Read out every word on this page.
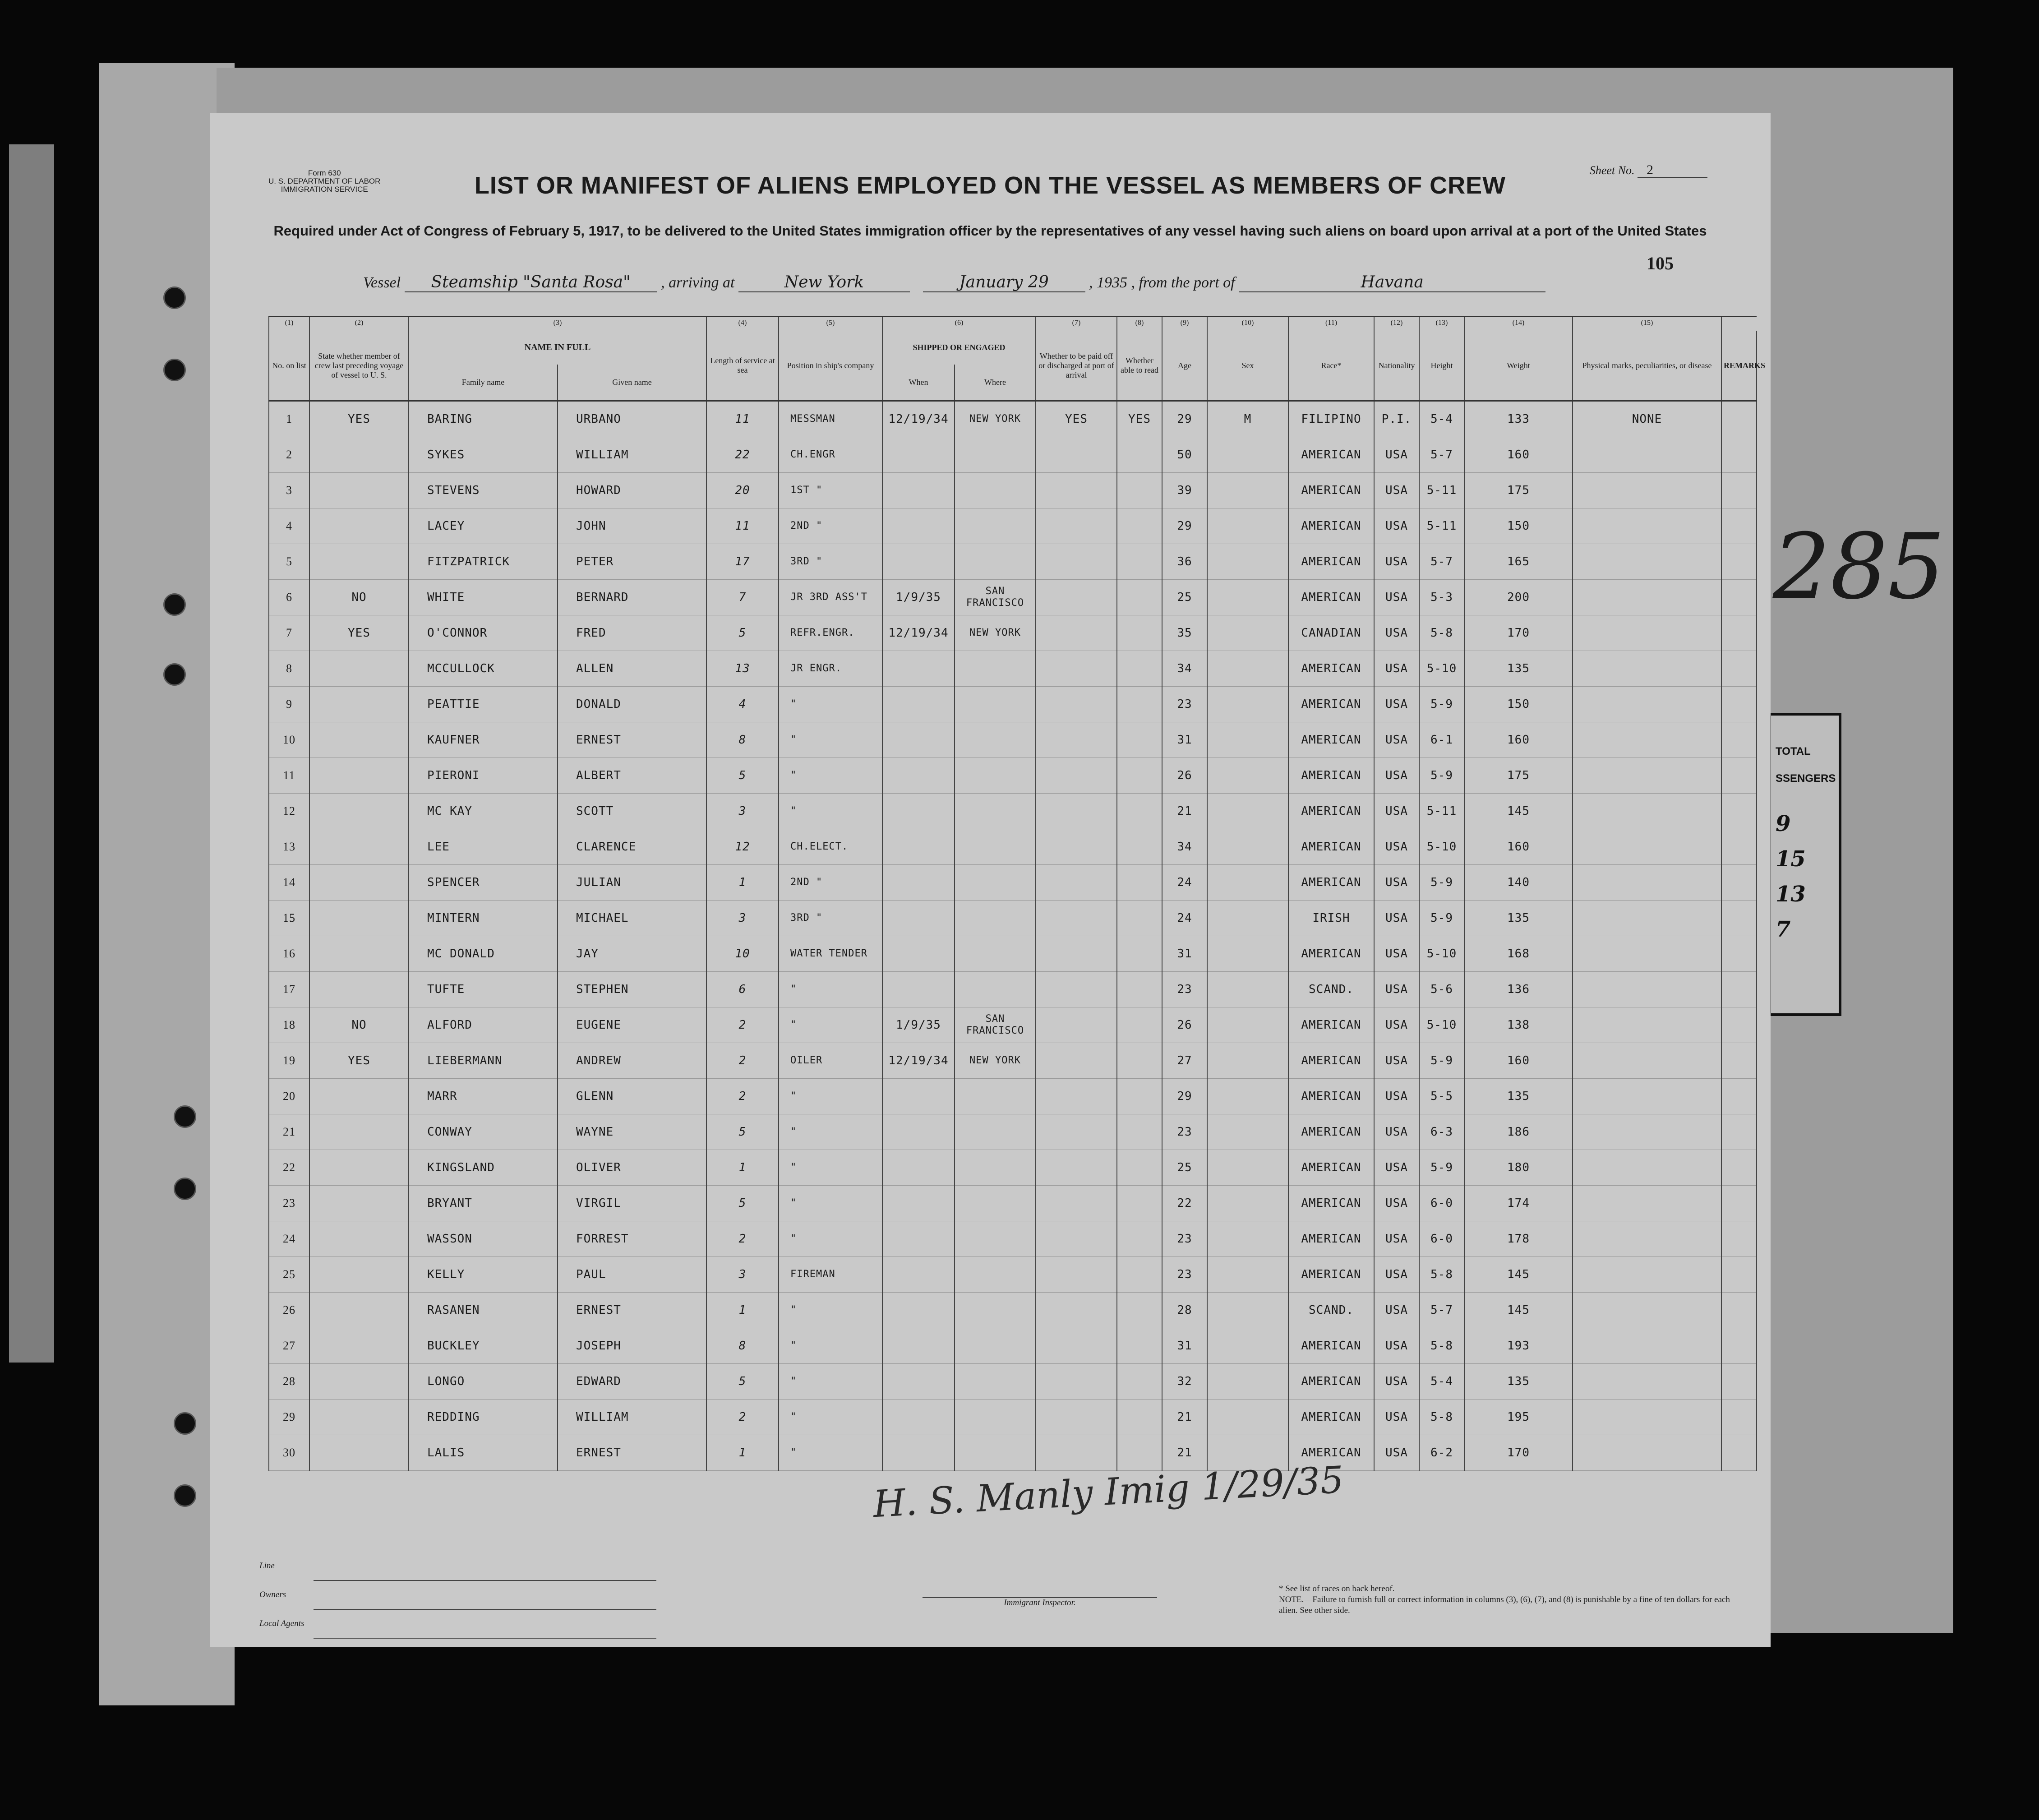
285
TOTAL
SSENGERS
9
15
13
7
Form 630
U. S. DEPARTMENT OF LABOR
IMMIGRATION SERVICE
Sheet No. 2
LIST OR MANIFEST OF ALIENS EMPLOYED ON THE VESSEL AS MEMBERS OF CREW
Required under Act of Congress of February 5, 1917, to be delivered to the United States immigration officer by the representatives of any vessel having such aliens on board upon arrival at a port of the United States
105
Vessel Steamship "Santa Rosa" , arriving at	New York	January 29	, 1935 , from the port of	Havana
(1)	(2)	(3)		(4)	(5)	(6)		(7)	(8)	(9)	(10)	(11)	(12)	(13)	(14)	(15)	
No. on list	State whether member of crew last preceding voyage of vessel to U. S.	NAME IN FULL		Length of service at sea	Position in ship's company	SHIPPED OR ENGAGED		Whether to be paid off or discharged at port of arrival	Whether able to read	Age	Sex	Race*	Nationality	Height	Weight	Physical marks, peculiarities, or disease	REMARKS
		Family name	Given name			When	Where										
1	YES	BARING	URBANO	11	MESSMAN	12/19/34	NEW YORK	YES	YES	29	M	FILIPINO	P.I.	5-4	133	NONE	
2		SYKES	WILLIAM	22	CH.ENGR					50		AMERICAN	USA	5-7	160		
3		STEVENS	HOWARD	20	1ST "					39		AMERICAN	USA	5-11	175		
4		LACEY	JOHN	11	2ND "					29		AMERICAN	USA	5-11	150		
5		FITZPATRICK	PETER	17	3RD "					36		AMERICAN	USA	5-7	165		
6	NO	WHITE	BERNARD	7	JR 3RD ASS'T	1/9/35	SAN FRANCISCO			25		AMERICAN	USA	5-3	200		
7	YES	O'CONNOR	FRED	5	REFR.ENGR.	12/19/34	NEW YORK			35		CANADIAN	USA	5-8	170		
8		MCCULLOCK	ALLEN	13	JR ENGR.					34		AMERICAN	USA	5-10	135		
9		PEATTIE	DONALD	4	"					23		AMERICAN	USA	5-9	150		
10		KAUFNER	ERNEST	8	"					31		AMERICAN	USA	6-1	160		
11		PIERONI	ALBERT	5	"					26		AMERICAN	USA	5-9	175		
12		MC KAY	SCOTT	3	"					21		AMERICAN	USA	5-11	145		
13		LEE	CLARENCE	12	CH.ELECT.					34		AMERICAN	USA	5-10	160		
14		SPENCER	JULIAN	1	2ND "					24		AMERICAN	USA	5-9	140		
15		MINTERN	MICHAEL	3	3RD "					24		IRISH	USA	5-9	135		
16		MC DONALD	JAY	10	WATER TENDER					31		AMERICAN	USA	5-10	168		
17		TUFTE	STEPHEN	6	"					23		SCAND.	USA	5-6	136		
18	NO	ALFORD	EUGENE	2	"	1/9/35	SAN FRANCISCO			26		AMERICAN	USA	5-10	138		
19	YES	LIEBERMANN	ANDREW	2	OILER	12/19/34	NEW YORK			27		AMERICAN	USA	5-9	160		
20		MARR	GLENN	2	"					29		AMERICAN	USA	5-5	135		
21		CONWAY	WAYNE	5	"					23		AMERICAN	USA	6-3	186		
22		KINGSLAND	OLIVER	1	"					25		AMERICAN	USA	5-9	180		
23		BRYANT	VIRGIL	5	"					22		AMERICAN	USA	6-0	174		
24		WASSON	FORREST	2	"					23		AMERICAN	USA	6-0	178		
25		KELLY	PAUL	3	FIREMAN					23		AMERICAN	USA	5-8	145		
26		RASANEN	ERNEST	1	"					28		SCAND.	USA	5-7	145		
27		BUCKLEY	JOSEPH	8	"					31		AMERICAN	USA	5-8	193		
28		LONGO	EDWARD	5	"					32		AMERICAN	USA	5-4	135		
29		REDDING	WILLIAM	2	"					21		AMERICAN	USA	5-8	195		
30		LALIS	ERNEST	1	"					21		AMERICAN	USA	6-2	170		
H. S. Manly Imig 1/29/35
Line
Owners
Local Agents
Immigrant Inspector.
* See list of races on back hereof.
NOTE.—Failure to furnish full or correct information in columns (3), (6), (7), and (8) is punishable by a fine of ten dollars for each alien. See other side.
